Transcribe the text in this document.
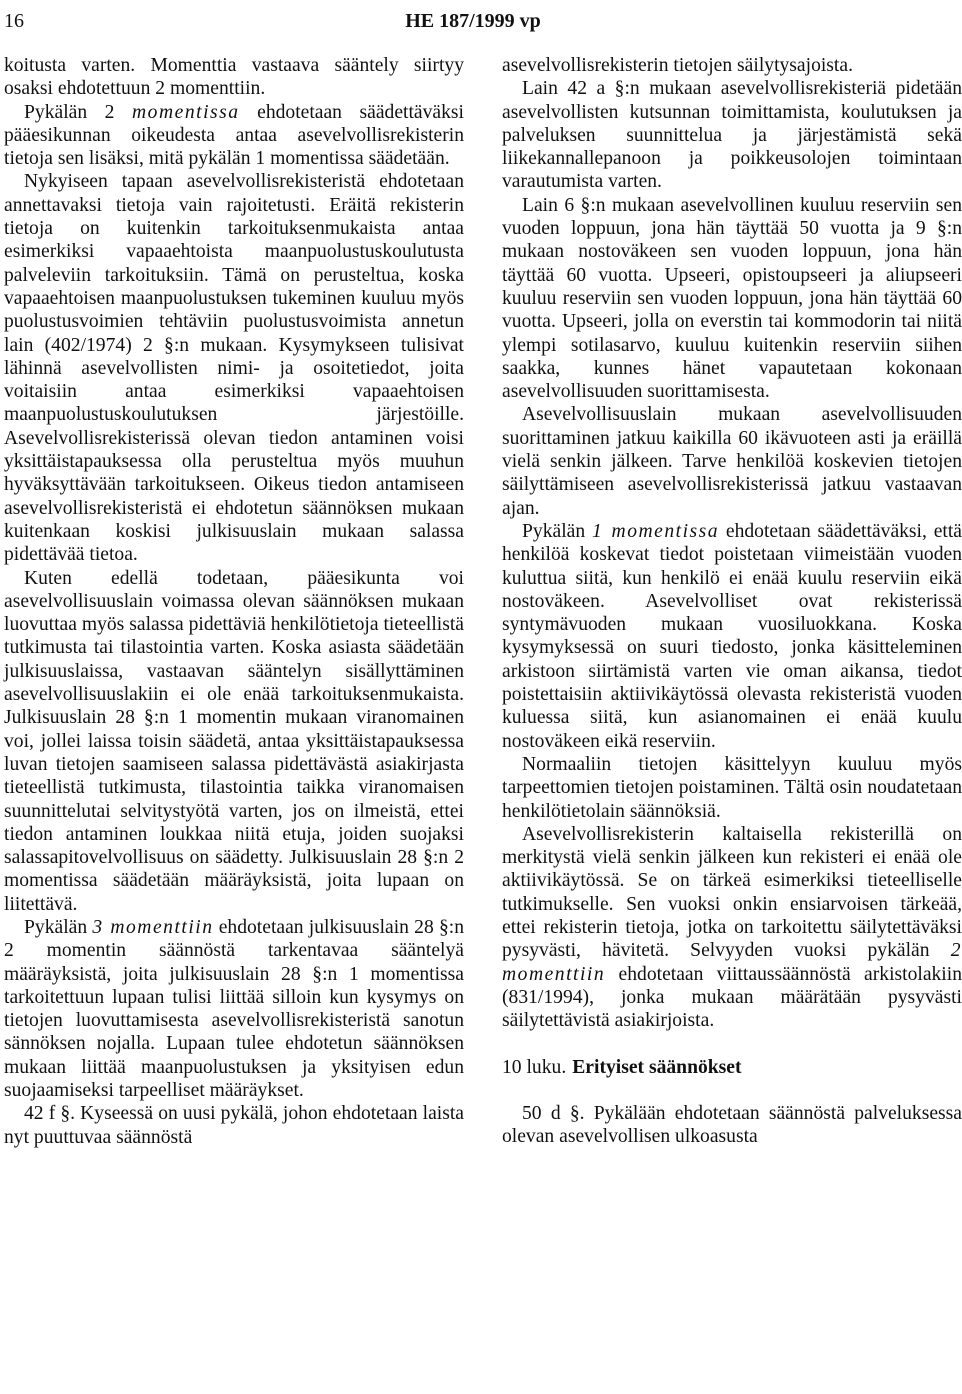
16	HE 187/1999 vp

koitusta varten. Momenttia vastaava sääntely siirtyy osaksi ehdotettuun 2 momenttiin.

Pykälän 2 momentissa ehdotetaan säädettäväksi pääesikunnan oikeudesta antaa asevelvollisrekisterin tietoja sen lisäksi, mitä pykälän 1 momentissa säädetään.

Nykyiseen tapaan asevelvollisrekisteristä ehdotetaan annettavaksi tietoja vain rajoitetusti. Eräitä rekisterin tietoja on kuitenkin tarkoituksenmukaista antaa esimerkiksi vapaaehtoista maanpuolustuskoulutusta palveleviin tarkoituksiin. Tämä on perusteltua, koska vapaaehtoisen maanpuolustuksen tukeminen kuuluu myös puolustusvoimien tehtäviin puolustusvoimista annetun lain (402/1974) 2 §:n mukaan. Kysymykseen tulisivat lähinnä asevelvollisten nimi- ja osoitetiedot, joita voitaisiin antaa esimerkiksi vapaaehtoisen maanpuolustuskoulutuksen järjestöille. Asevelvollisrekisterissä olevan tiedon antaminen voisi yksittäistapauksessa olla perusteltua myös muuhun hyväksyttävään tarkoitukseen. Oikeus tiedon antamiseen asevelvollisrekisteristä ei ehdotetun säännöksen mukaan kuitenkaan koskisi julkisuuslain mukaan salassa pidettävää tietoa.

Kuten edellä todetaan, pääesikunta voi asevelvollisuuslain voimassa olevan säännöksen mukaan luovuttaa myös salassa pidettäviä henkilötietoja tieteellistä tutkimusta tai tilastointia varten. Koska asiasta säädetään julkisuuslaissa, vastaavan sääntelyn sisällyttäminen asevelvollisuuslakiin ei ole enää tarkoituksenmukaista. Julkisuuslain 28 §:n 1 momentin mukaan viranomainen voi, jollei laissa toisin säädetä, antaa yksittäistapauksessa luvan tietojen saamiseen salassa pidettävästä asiakirjasta tieteellistä tutkimusta, tilastointia taikka viranomaisen suunnittelutai selvitystyötä varten, jos on ilmeistä, ettei tiedon antaminen loukkaa niitä etuja, joiden suojaksi salassapitovelvollisuus on säädetty. Julkisuuslain 28 §:n 2 momentissa säädetään määräyksistä, joita lupaan on liitettävä.

Pykälän 3 momenttiin ehdotetaan julkisuuslain 28 §:n 2 momentin säännöstä tarkentavaa sääntelyä määräyksistä, joita julkisuuslain 28 §:n 1 momentissa tarkoitettuun lupaan tulisi liittää silloin kun kysymys on tietojen luovuttamisesta asevelvollisrekisteristä sanotun sännöksen nojalla. Lupaan tulee ehdotetun säännöksen mukaan liittää maanpuolustuksen ja yksityisen edun suojaamiseksi tarpeelliset määräykset.

42 f §. Kyseessä on uusi pykälä, johon ehdotetaan laista nyt puuttuvaa säännöstä

asevelvollisrekisterin tietojen säilytysajoista.

Lain 42 a §:n mukaan asevelvollisrekisteriä pidetään asevelvollisten kutsunnan toimittamista, koulutuksen ja palveluksen suunnittelua ja järjestämistä sekä liikekannallepanoon ja poikkeusolojen toimintaan varautumista varten.

Lain 6 §:n mukaan asevelvollinen kuuluu reserviin sen vuoden loppuun, jona hän täyttää 50 vuotta ja 9 §:n mukaan nostoväkeen sen vuoden loppuun, jona hän täyttää 60 vuotta. Upseeri, opistoupseeri ja aliupseeri kuuluu reserviin sen vuoden loppuun, jona hän täyttää 60 vuotta. Upseeri, jolla on everstin tai kommodorin tai niitä ylempi sotilasarvo, kuuluu kuitenkin reserviin siihen saakka, kunnes hänet vapautetaan kokonaan asevelvollisuuden suorittamisesta.

Asevelvollisuuslain mukaan asevelvollisuuden suorittaminen jatkuu kaikilla 60 ikävuoteen asti ja eräillä vielä senkin jälkeen. Tarve henkilöä koskevien tietojen säilyttämiseen asevelvollisrekisterissä jatkuu vastaavan ajan.

Pykälän 1 momentissa ehdotetaan säädettäväksi, että henkilöä koskevat tiedot poistetaan viimeistään vuoden kuluttua siitä, kun henkilö ei enää kuulu reserviin eikä nostoväkeen. Asevelvolliset ovat rekisterissä syntymävuoden mukaan vuosiluokkana. Koska kysymyksessä on suuri tiedosto, jonka käsitteleminen arkistoon siirtämistä varten vie oman aikansa, tiedot poistettaisiin aktiivikäytössä olevasta rekisteristä vuoden kuluessa siitä, kun asianomainen ei enää kuulu nostoväkeen eikä reserviin.

Normaaliin tietojen käsittelyyn kuuluu myös tarpeettomien tietojen poistaminen. Tältä osin noudatetaan henkilötietolain säännöksiä.

Asevelvollisrekisterin kaltaisella rekisterillä on merkitystä vielä senkin jälkeen kun rekisteri ei enää ole aktiivikäytössä. Se on tärkeä esimerkiksi tieteelliselle tutkimukselle. Sen vuoksi onkin ensiarvoisen tärkeää, ettei rekisterin tietoja, jotka on tarkoitettu säilytettäväksi pysyvästi, hävitetä. Selvyyden vuoksi pykälän 2 momenttiin ehdotetaan viittaussäännöstä arkistolakiin (831/1994), jonka mukaan määrätään pysyvästi säilytettävistä asiakirjoista.

10 luku. Erityiset säännökset

50 d §. Pykälään ehdotetaan säännöstä palveluksessa olevan asevelvollisen ulkoasusta
